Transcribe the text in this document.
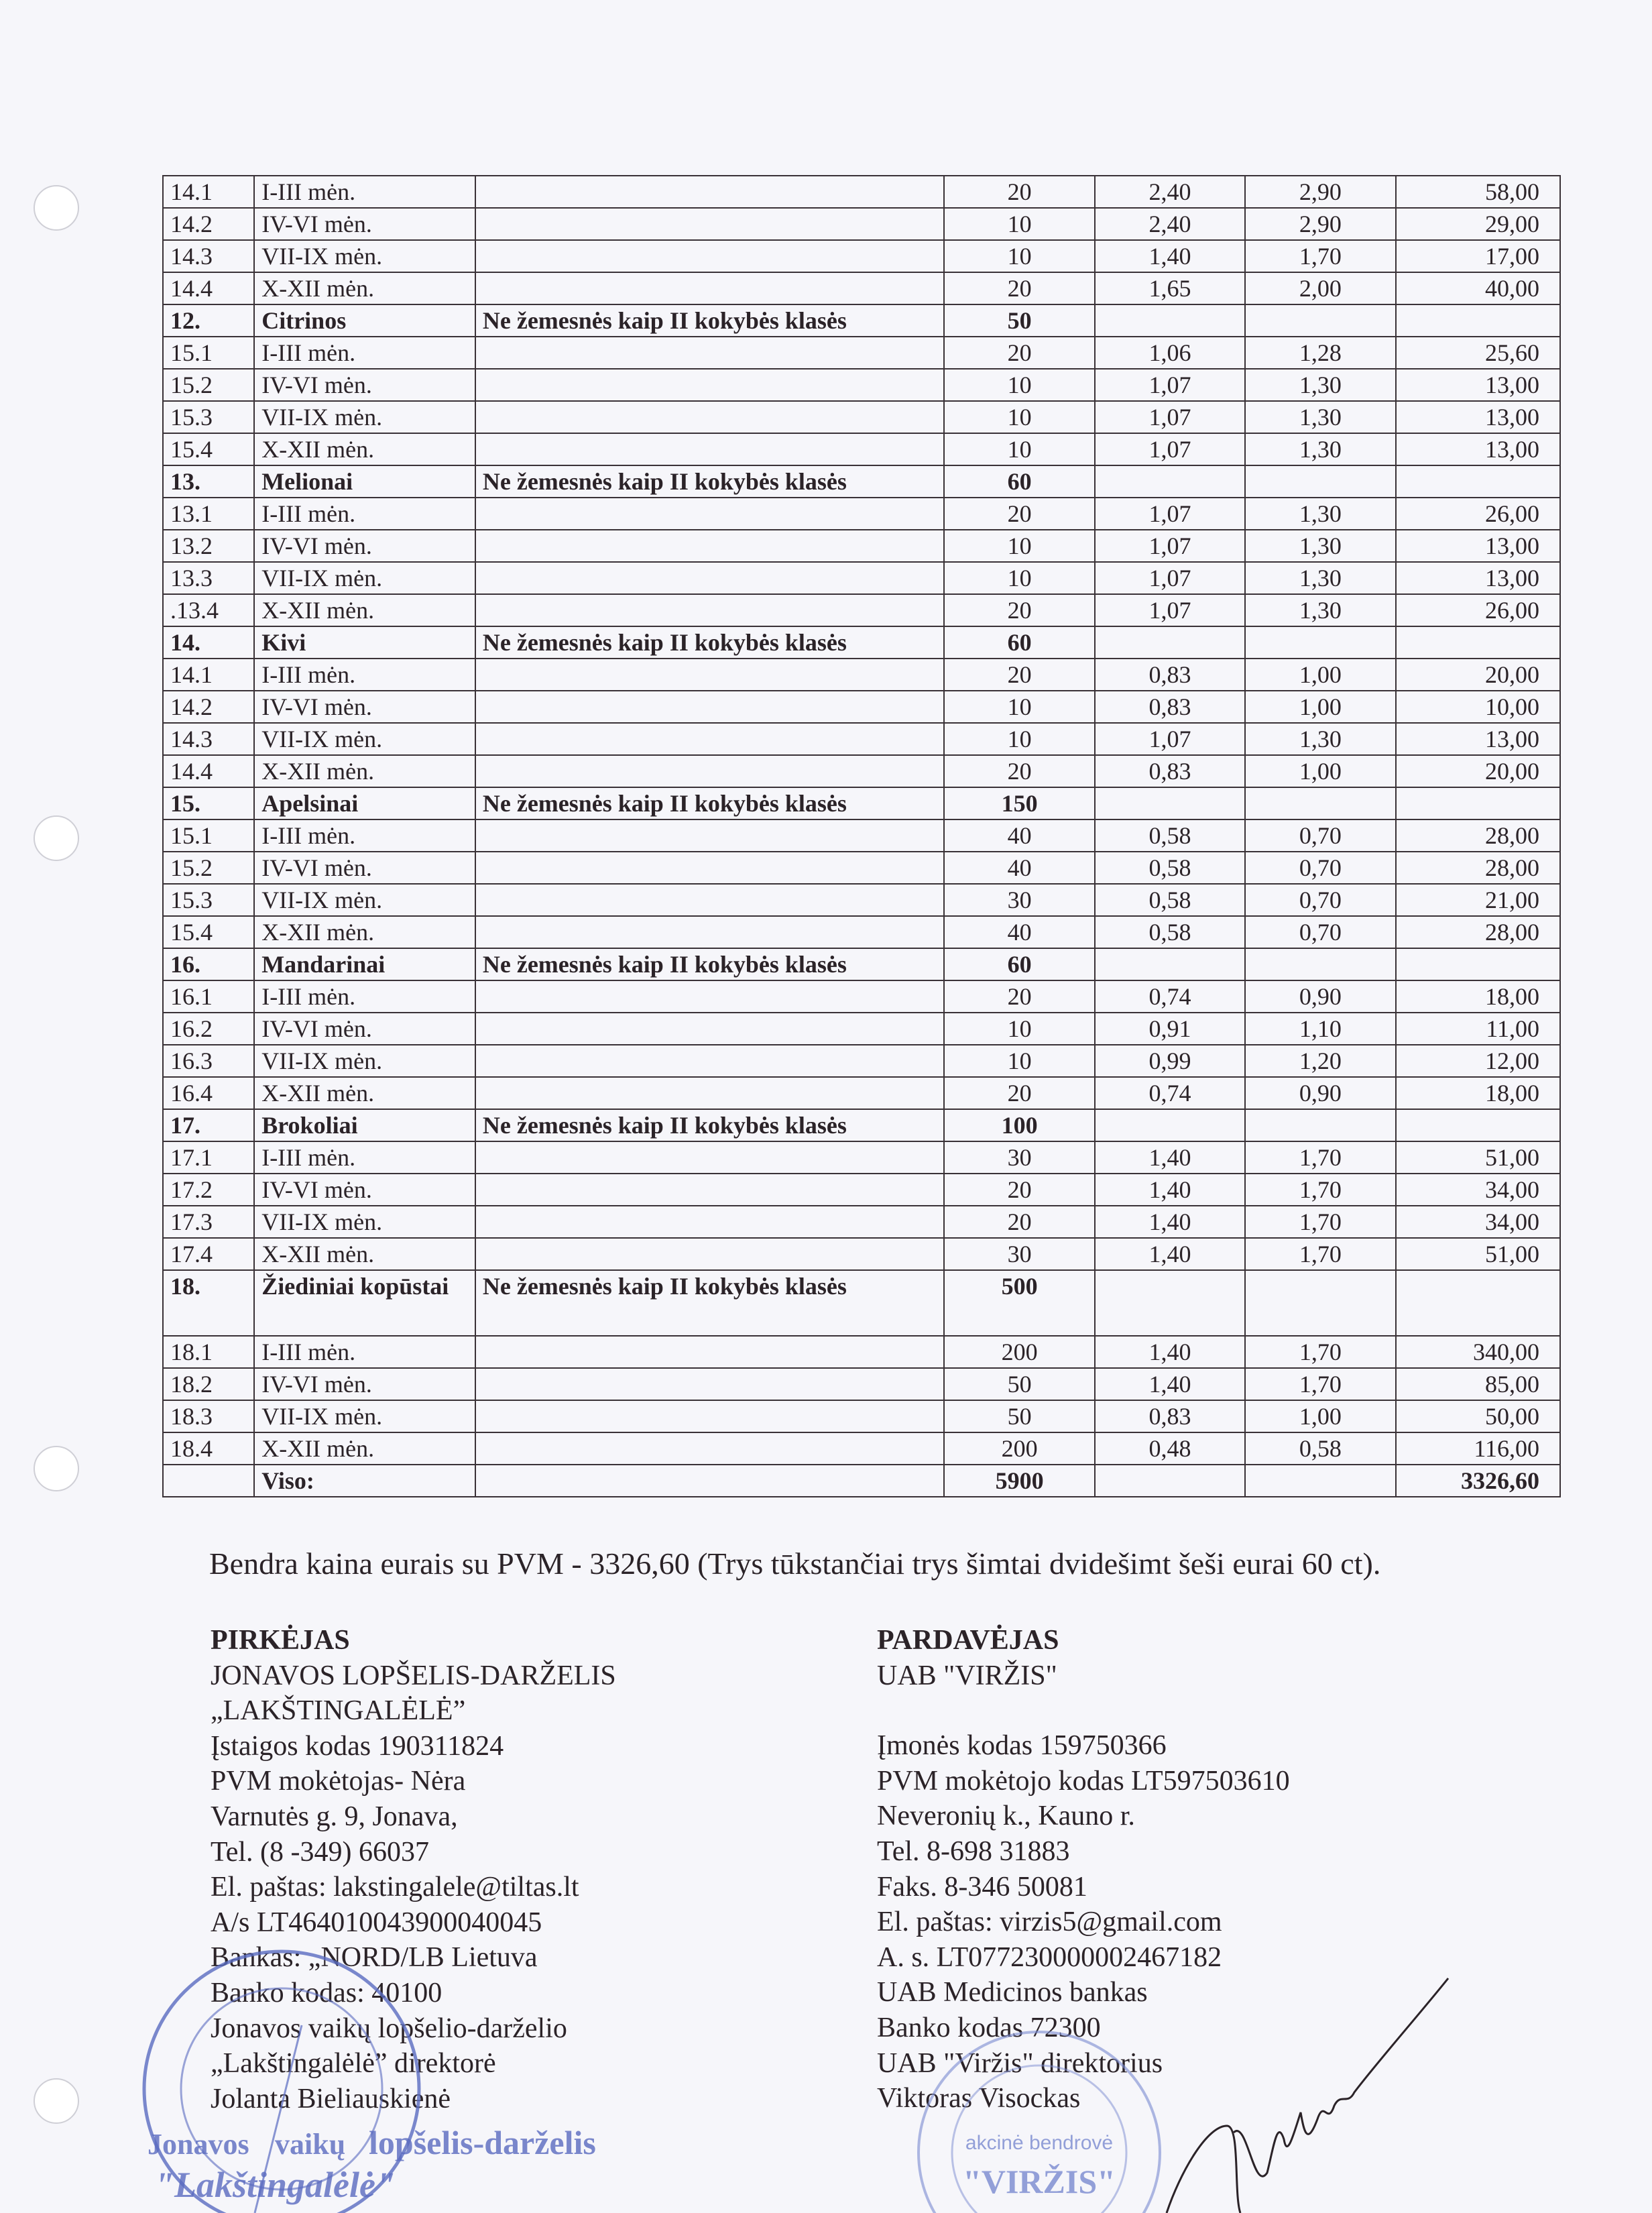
14.1	I-III mėn.		20	2,40	2,90	58,00
14.2	IV-VI mėn.		10	2,40	2,90	29,00
14.3	VII-IX mėn.		10	1,40	1,70	17,00
14.4	X-XII mėn.		20	1,65	2,00	40,00
12.	Citrinos	Ne žemesnės kaip II kokybės klasės	50			
15.1	I-III mėn.		20	1,06	1,28	25,60
15.2	IV-VI mėn.		10	1,07	1,30	13,00
15.3	VII-IX mėn.		10	1,07	1,30	13,00
15.4	X-XII mėn.		10	1,07	1,30	13,00
13.	Melionai	Ne žemesnės kaip II kokybės klasės	60			
13.1	I-III mėn.		20	1,07	1,30	26,00
13.2	IV-VI mėn.		10	1,07	1,30	13,00
13.3	VII-IX mėn.		10	1,07	1,30	13,00
.13.4	X-XII mėn.		20	1,07	1,30	26,00
14.	Kivi	Ne žemesnės kaip II kokybės klasės	60			
14.1	I-III mėn.		20	0,83	1,00	20,00
14.2	IV-VI mėn.		10	0,83	1,00	10,00
14.3	VII-IX mėn.		10	1,07	1,30	13,00
14.4	X-XII mėn.		20	0,83	1,00	20,00
15.	Apelsinai	Ne žemesnės kaip II kokybės klasės	150			
15.1	I-III mėn.		40	0,58	0,70	28,00
15.2	IV-VI mėn.		40	0,58	0,70	28,00
15.3	VII-IX mėn.		30	0,58	0,70	21,00
15.4	X-XII mėn.		40	0,58	0,70	28,00
16.	Mandarinai	Ne žemesnės kaip II kokybės klasės	60			
16.1	I-III mėn.		20	0,74	0,90	18,00
16.2	IV-VI mėn.		10	0,91	1,10	11,00
16.3	VII-IX mėn.		10	0,99	1,20	12,00
16.4	X-XII mėn.		20	0,74	0,90	18,00
17.	Brokoliai	Ne žemesnės kaip II kokybės klasės	100			
17.1	I-III mėn.		30	1,40	1,70	51,00
17.2	IV-VI mėn.		20	1,40	1,70	34,00
17.3	VII-IX mėn.		20	1,40	1,70	34,00
17.4	X-XII mėn.		30	1,40	1,70	51,00
18.	Žiediniai kopūstai	Ne žemesnės kaip II kokybės klasės	500			
18.1	I-III mėn.		200	1,40	1,70	340,00
18.2	IV-VI mėn.		50	1,40	1,70	85,00
18.3	VII-IX mėn.		50	0,83	1,00	50,00
18.4	X-XII mėn.		200	0,48	0,58	116,00
	Viso:		5900			3326,60
Bendra kaina eurais su PVM - 3326,60 (Trys tūkstančiai trys šimtai dvidešimt šeši eurai 60 ct).
PIRKĖJAS
JONAVOS LOPŠELIS-DARŽELIS
„LAKŠTINGALĖLĖ”
Įstaigos kodas 190311824
PVM mokėtojas- Nėra
Varnutės g. 9, Jonava,
Tel. (8 -349) 66037
El. paštas: lakstingalele@tiltas.lt
A/s LT464010043900040045
Bankas: „NORD/LB Lietuva
Banko kodas: 40100
Jonavos vaikų lopšelio-darželio
„Lakštingalėlė” direktorė
Jolanta Bieliauskienė
PARDAVĖJAS
UAB "VIRŽIS"
Įmonės kodas 159750366
PVM mokėtojo kodas LT597503610
Neveronių k., Kauno r.
Tel. 8-698 31883
Faks. 8-346 50081
El. paštas: virzis5@gmail.com
A. s. LT077230000002467182
UAB Medicinos bankas
Banko kodas 72300
UAB "Viržis" direktorius
Viktoras Visockas
Jonavos vaikų lopšelis-darželis
"Lakštingalėlė"
akcinė bendrovė
"VIRŽIS"
